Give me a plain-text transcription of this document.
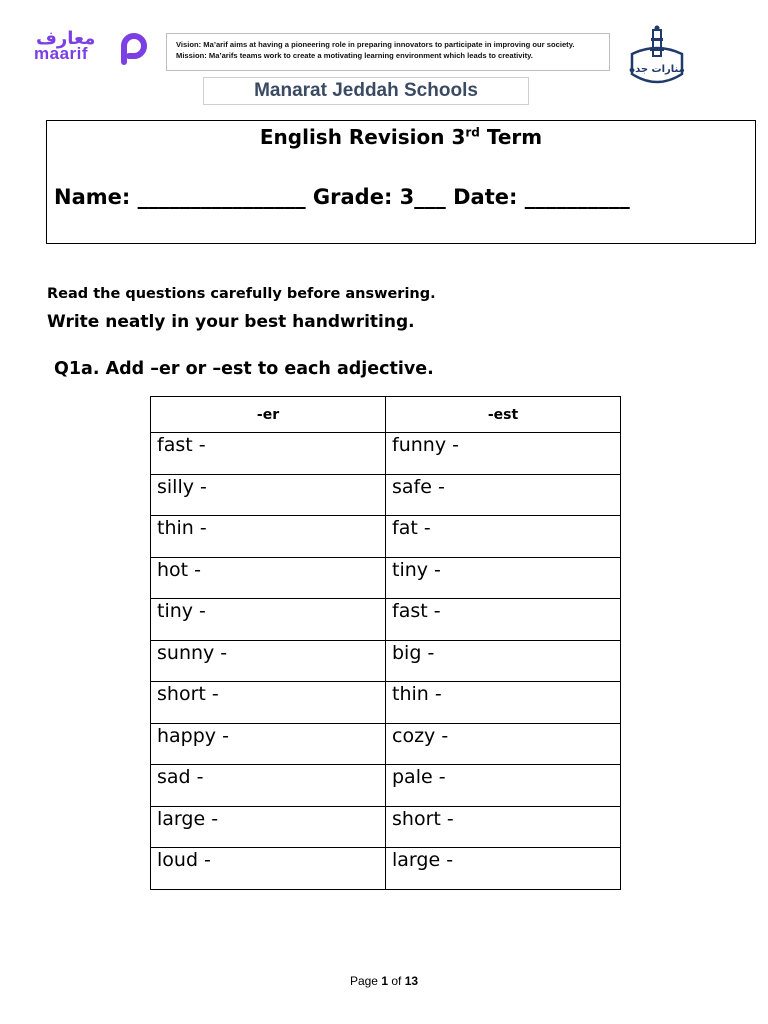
معارف
maarif	Vision: Ma’arif aims at having a pioneering role in preparing innovators to participate in improving our society.
Mission: Ma’arifs teams work to create a motivating learning environment which leads to creativity.
Manarat Jeddah Schools
منارات جدة
English Revision 3rd Term
Name: ________________ Grade: 3___ Date: __________
Read the questions carefully before answering.
Write neatly in your best handwriting.
Q1a. Add –er or –est to each adjective.
-er	-est

fast -	funny -

silly -	safe -

thin -	fat -

hot -	tiny -

tiny -	fast -

sunny -	big -

short -	thin -

happy -	cozy -

sad -	pale -

large -	short -

loud -	large -
Page 1 of 13
